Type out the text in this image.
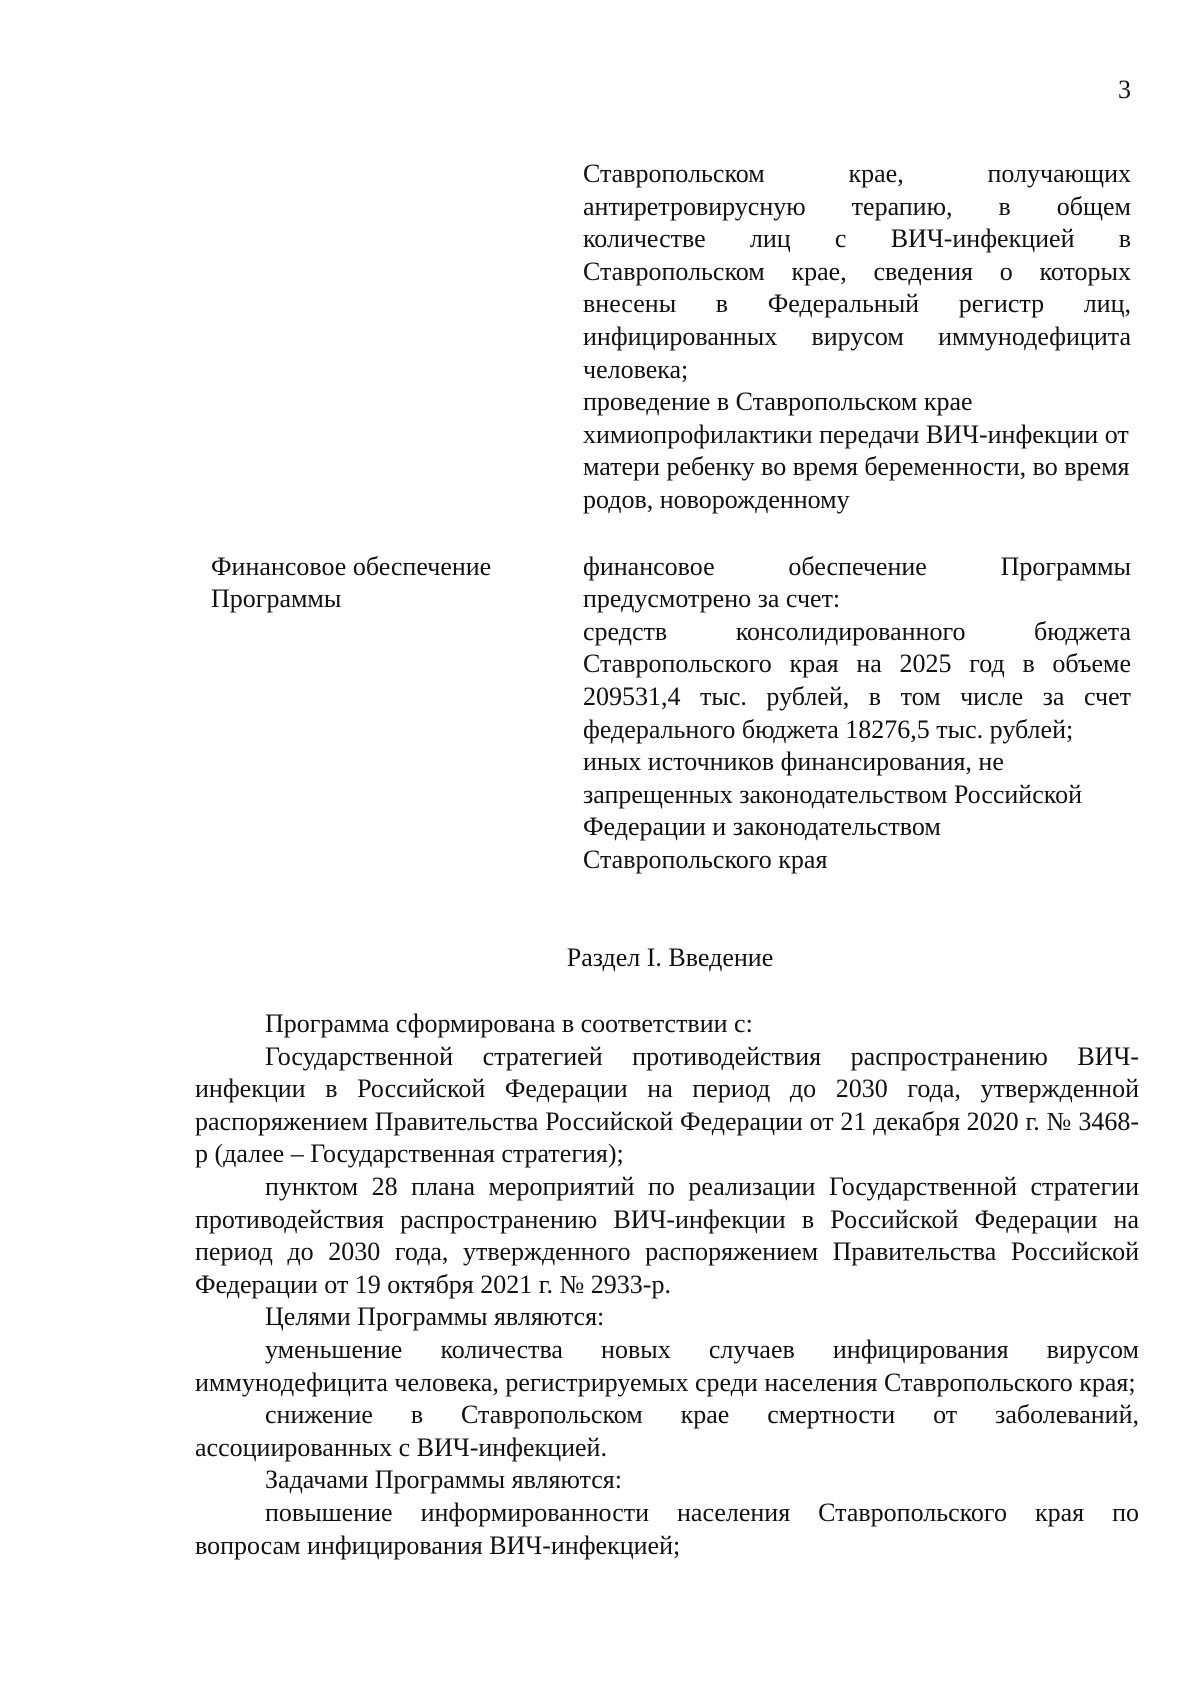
3

Ставропольском крае, получающих антиретровирусную терапию, в общем количестве лиц с ВИЧ-инфекцией в Ставропольском крае, сведения о которых внесены в Федеральный регистр лиц, инфицированных вирусом иммунодефицита человека;

проведение в Ставропольском крае химиопрофилактики передачи ВИЧ-инфекции от матери ребенку во время беременности, во время родов, новорожденному

Финансовое обеспечение Программы

финансовое обеспечение Программы предусмотрено за счет:

средств консолидированного бюджета Ставропольского края на 2025 год в объеме 209531,4 тыс. рублей, в том числе за счет федерального бюджета 18276,5 тыс. рублей;

иных источников финансирования, не запрещенных законодательством Российской Федерации и законодательством Ставропольского края

Раздел I. Введение

Программа сформирована в соответствии с:

Государственной стратегией противодействия распространению ВИЧ-инфекции в Российской Федерации на период до 2030 года, утвержденной распоряжением Правительства Российской Федерации от 21 декабря 2020 г. № 3468-р (далее – Государственная стратегия);

пунктом 28 плана мероприятий по реализации Государственной стратегии противодействия распространению ВИЧ-инфекции в Российской Федерации на период до 2030 года, утвержденного распоряжением Правительства Российской Федерации от 19 октября 2021 г. № 2933-р.

Целями Программы являются:

уменьшение количества новых случаев инфицирования вирусом иммунодефицита человека, регистрируемых среди населения Ставропольского края;

снижение в Ставропольском крае смертности от заболеваний, ассоциированных с ВИЧ-инфекцией.

Задачами Программы являются:

повышение информированности населения Ставропольского края по вопросам инфицирования ВИЧ-инфекцией;
